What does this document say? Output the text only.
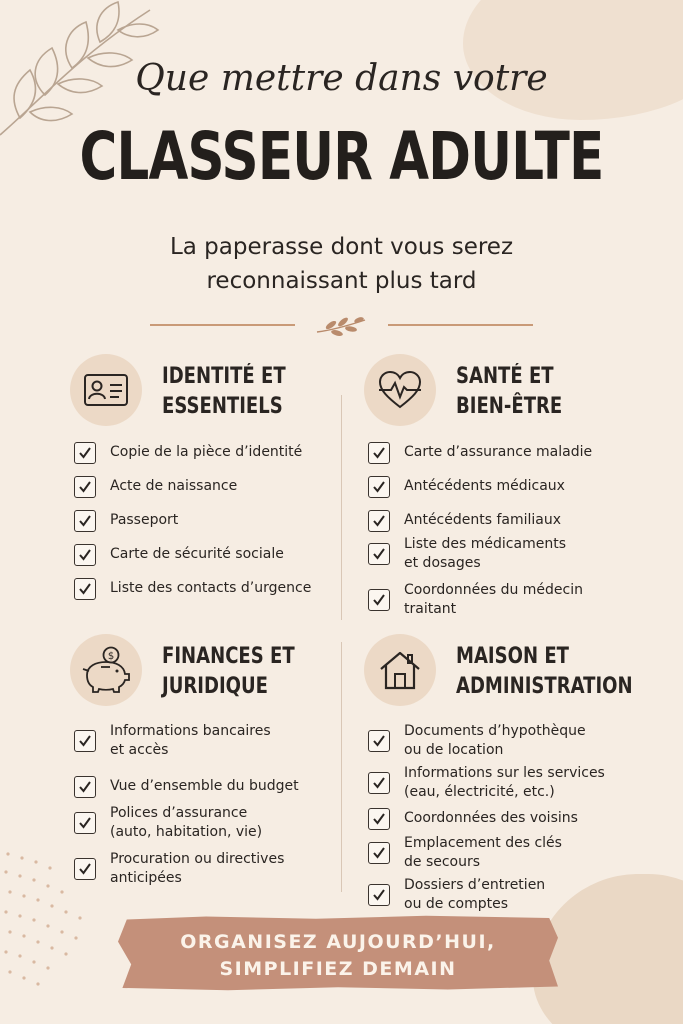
Que mettre dans votre
CLASSEUR ADULTE
La paperasse dont vous serez
reconnaissant plus tard
IDENTITÉ ET
ESSENTIELS
Copie de la pièce d’identité
Acte de naissance
Passeport
Carte de sécurité sociale
Liste des contacts d’urgence
SANTÉ ET
BIEN-ÊTRE
Carte d’assurance maladie
Antécédents médicaux
Antécédents familiaux
Liste des médicaments
et dosages
Coordonnées du médecin
traitant
$ FINANCES ET
JURIDIQUE
Informations bancaires
et accès
Vue d’ensemble du budget
Polices d’assurance
(auto, habitation, vie)
Procuration ou directives
anticipées
MAISON ET
ADMINISTRATION
Documents d’hypothèque
ou de location
Informations sur les services
(eau, électricité, etc.)
Coordonnées des voisins
Emplacement des clés
de secours
Dossiers d’entretien
ou de comptes
ORGANISEZ AUJOURD’HUI,
SIMPLIFIEZ DEMAIN
